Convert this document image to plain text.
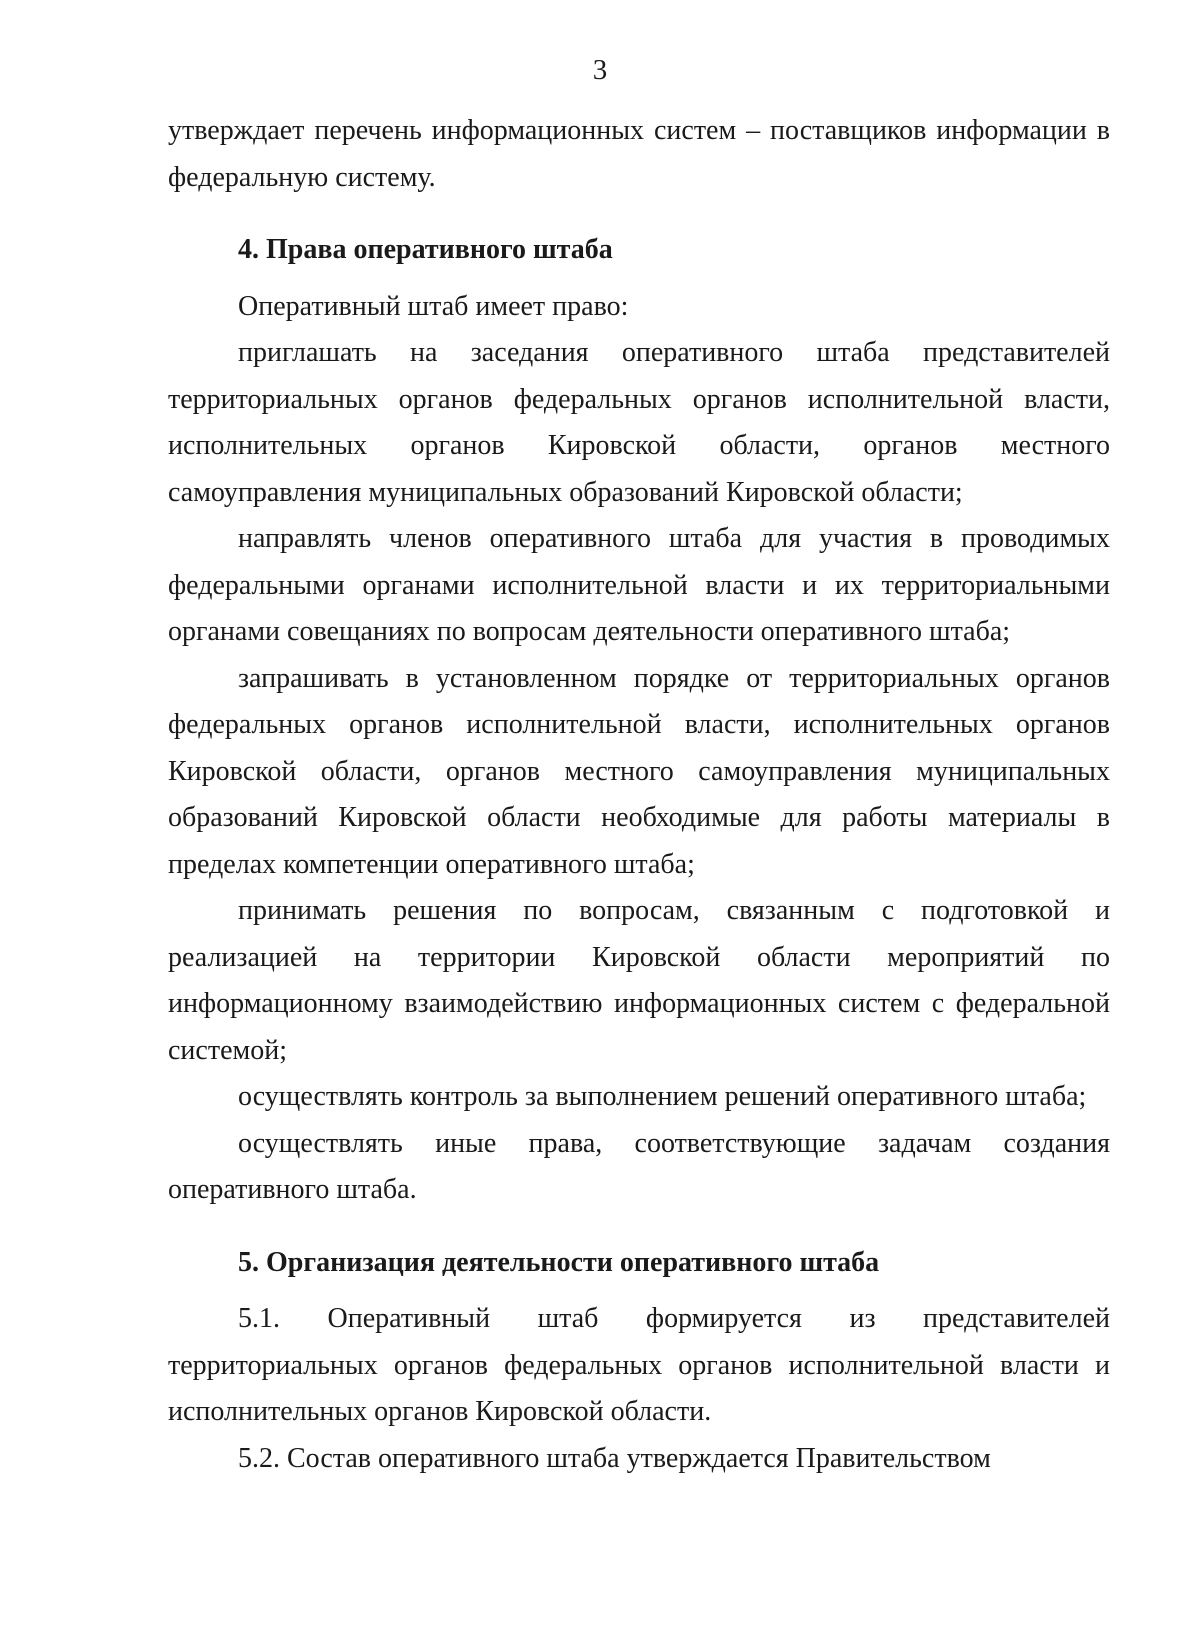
3

утверждает перечень информационных систем – поставщиков информации в федеральную систему.

4. Права оперативного штаба

Оперативный штаб имеет право:

приглашать на заседания оперативного штаба представителей территориальных органов федеральных органов исполнительной власти, исполнительных органов Кировской области, органов местного самоуправления муниципальных образований Кировской области;

направлять членов оперативного штаба для участия в проводимых федеральными органами исполнительной власти и их территориальными органами совещаниях по вопросам деятельности оперативного штаба;

запрашивать в установленном порядке от территориальных органов федеральных органов исполнительной власти, исполнительных органов Кировской области, органов местного самоуправления муниципальных образований Кировской области необходимые для работы материалы в пределах компетенции оперативного штаба;

принимать решения по вопросам, связанным с подготовкой и реализацией на территории Кировской области мероприятий по информационному взаимодействию информационных систем с федеральной системой;

осуществлять контроль за выполнением решений оперативного штаба;

осуществлять иные права, соответствующие задачам создания оперативного штаба.

5. Организация деятельности оперативного штаба

5.1. Оперативный штаб формируется из представителей территориальных органов федеральных органов исполнительной власти и исполнительных органов Кировской области.

5.2. Состав оперативного штаба утверждается Правительством
